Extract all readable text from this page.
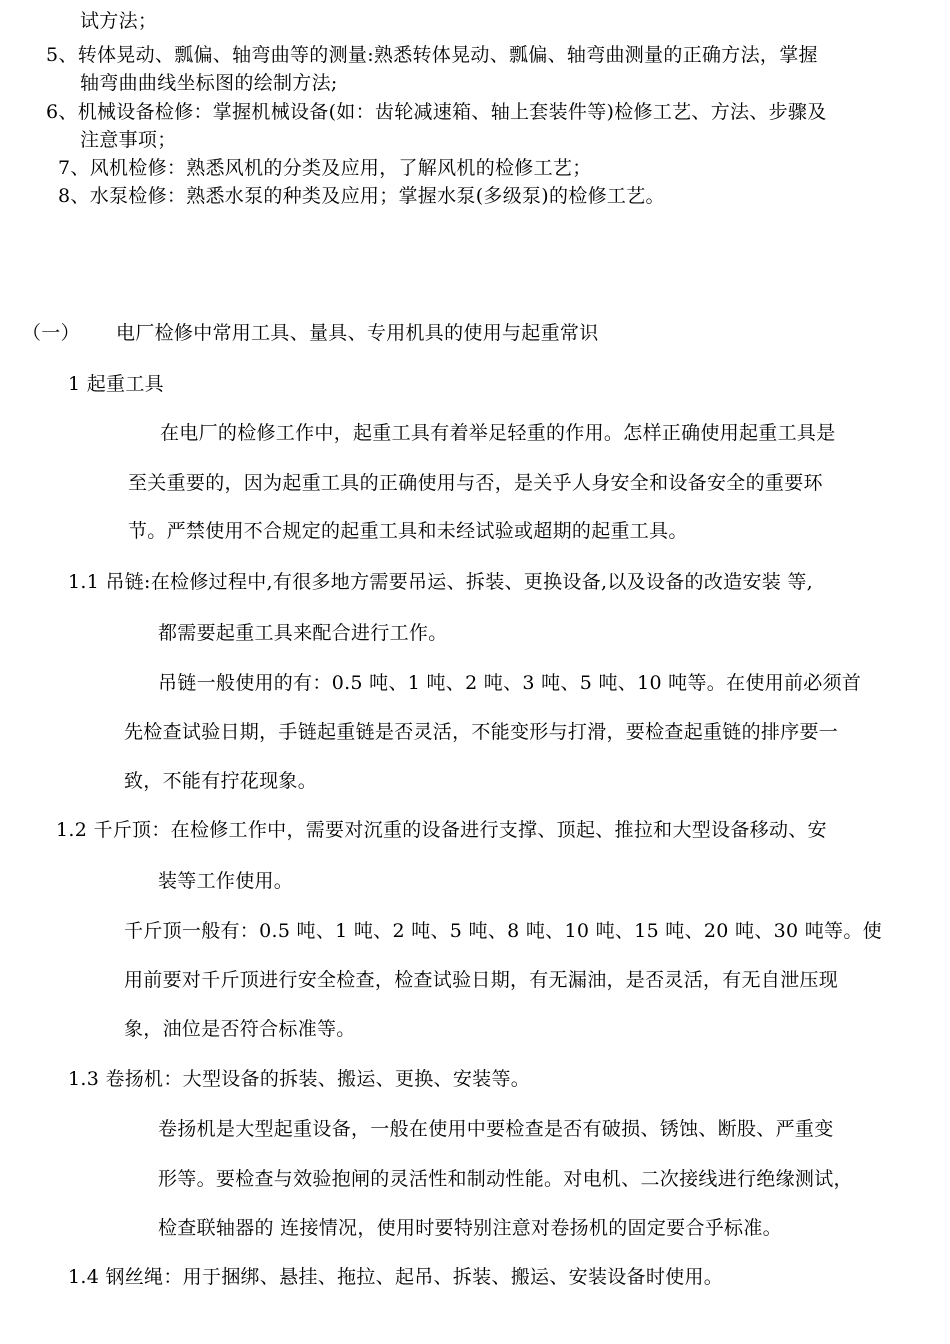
试方法；
5、转体晃动、瓢偏、轴弯曲等的测量:熟悉转体晃动、瓢偏、轴弯曲测量的正确方法，掌握
轴弯曲曲线坐标图的绘制方法;
6、机械设备检修：掌握机械设备(如：齿轮减速箱、轴上套装件等)检修工艺、方法、步骤及
注意事项；
7、风机检修：熟悉风机的分类及应用，了解风机的检修工艺；
8、水泵检修：熟悉水泵的种类及应用；掌握水泵(多级泵)的检修工艺。
（一） 电厂检修中常用工具、量具、专用机具的使用与起重常识
1 起重工具
在电厂的检修工作中，起重工具有着举足轻重的作用。怎样正确使用起重工具是
至关重要的，因为起重工具的正确使用与否，是关乎人身安全和设备安全的重要环
节。严禁使用不合规定的起重工具和未经试验或超期的起重工具。
1.1 吊链:在检修过程中,有很多地方需要吊运、拆装、更换设备,以及设备的改造安装 等,
都需要起重工具来配合进行工作。
吊链一般使用的有：0.5 吨、1 吨、2 吨、3 吨、5 吨、10 吨等。在使用前必须首
先检查试验日期，手链起重链是否灵活，不能变形与打滑，要检查起重链的排序要一
致，不能有拧花现象。
1.2 千斤顶：在检修工作中，需要对沉重的设备进行支撑、顶起、推拉和大型设备移动、安
装等工作使用。
千斤顶一般有：0.5 吨、1 吨、2 吨、5 吨、8 吨、10 吨、15 吨、20 吨、30 吨等。使
用前要对千斤顶进行安全检查，检查试验日期，有无漏油，是否灵活，有无自泄压现
象，油位是否符合标准等。
1.3 卷扬机：大型设备的拆装、搬运、更换、安装等。
卷扬机是大型起重设备，一般在使用中要检查是否有破损、锈蚀、断股、严重变
形等。要检查与效验抱闸的灵活性和制动性能。对电机、二次接线进行绝缘测试，
检查联轴器的 连接情况，使用时要特别注意对卷扬机的固定要合乎标准。
1.4 钢丝绳：用于捆绑、悬挂、拖拉、起吊、拆装、搬运、安装设备时使用。
